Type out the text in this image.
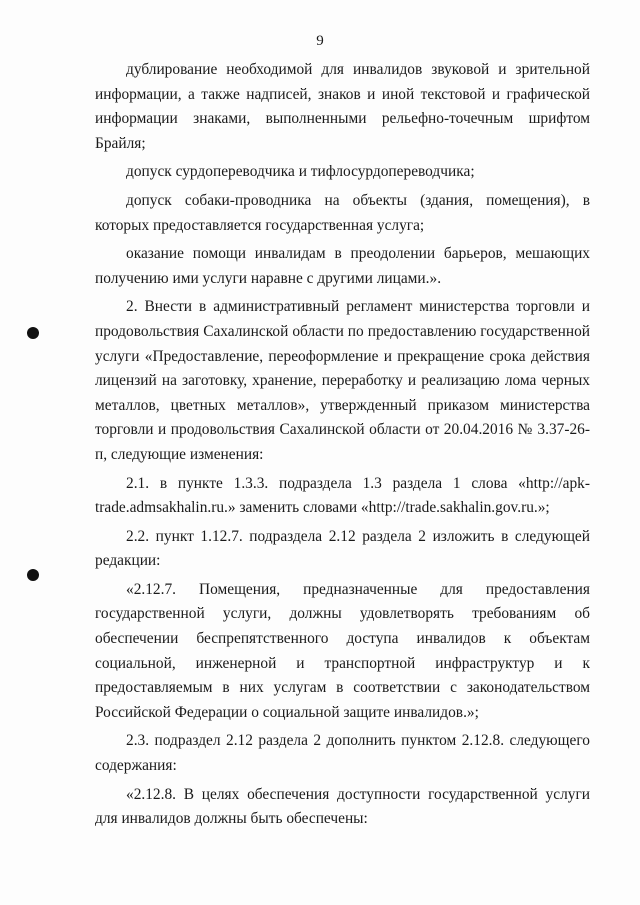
9

дублирование необходимой для инвалидов звуковой и зрительной информации, а также надписей, знаков и иной текстовой и графической информации знаками, выполненными рельефно-точечным шрифтом Брайля;

допуск сурдопереводчика и тифлосурдопереводчика;

допуск собаки-проводника на объекты (здания, помещения), в которых предоставляется государственная услуга;

оказание помощи инвалидам в преодолении барьеров, мешающих получению ими услуги наравне с другими лицами.».

2. Внести в административный регламент министерства торговли и продовольствия Сахалинской области по предоставлению государственной услуги «Предоставление, переоформление и прекращение срока действия лицензий на заготовку, хранение, переработку и реализацию лома черных металлов, цветных металлов», утвержденный приказом министерства торговли и продовольствия Сахалинской области от 20.04.2016 № 3.37-26-п, следующие изменения:

2.1. в пункте 1.3.3. подраздела 1.3 раздела 1 слова «http://apk-trade.admsakhalin.ru.» заменить словами «http://trade.sakhalin.gov.ru.»;

2.2. пункт 1.12.7. подраздела 2.12 раздела 2 изложить в следующей редакции:

«2.12.7. Помещения, предназначенные для предоставления государственной услуги, должны удовлетворять требованиям об обеспечении беспрепятственного доступа инвалидов к объектам социальной, инженерной и транспортной инфраструктур и к предоставляемым в них услугам в соответствии с законодательством Российской Федерации о социальной защите инвалидов.»;

2.3. подраздел 2.12 раздела 2 дополнить пунктом 2.12.8. следующего содержания:

«2.12.8. В целях обеспечения доступности государственной услуги для инвалидов должны быть обеспечены:
